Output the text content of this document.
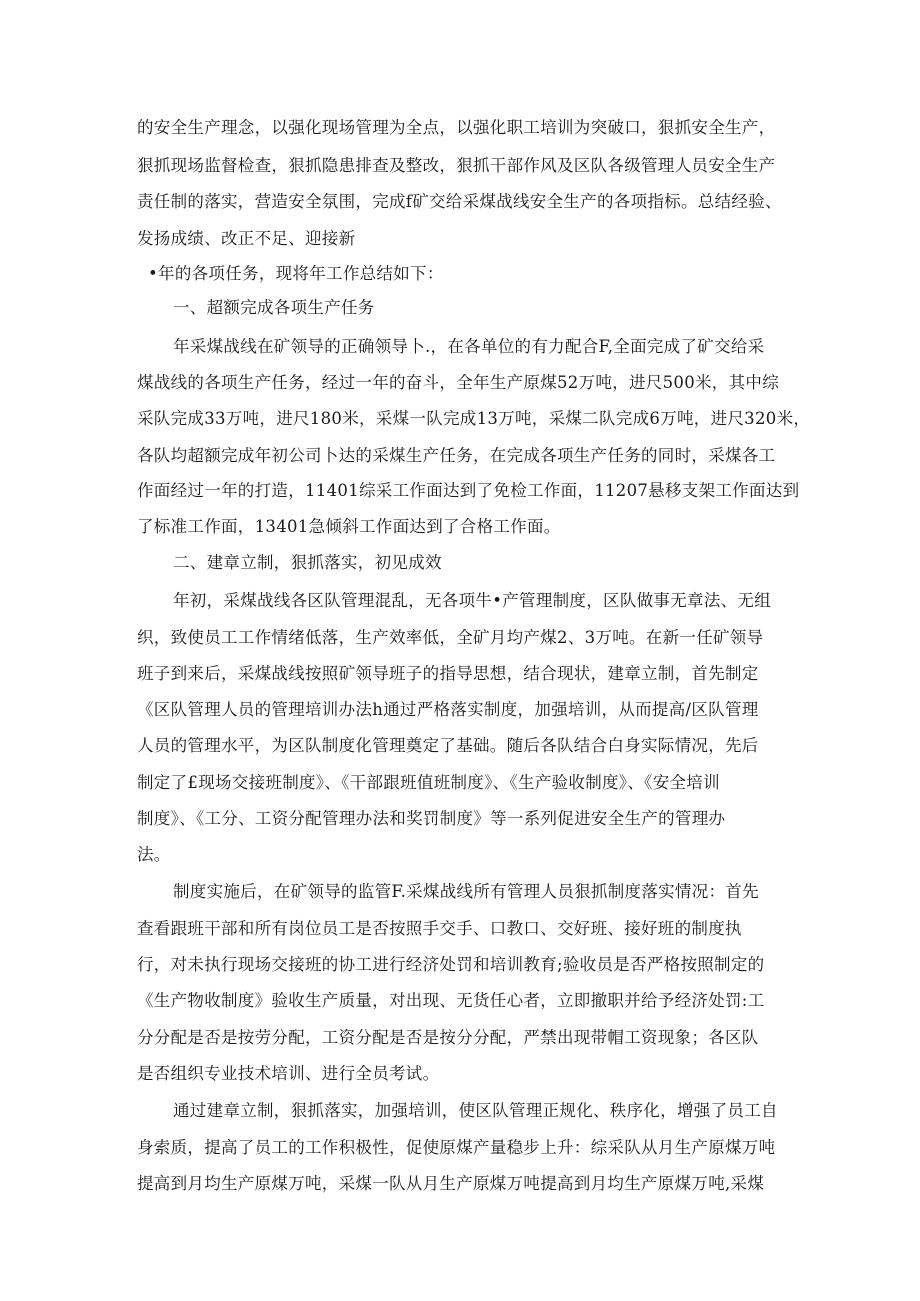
的安全生产理念，以强化现场管理为全点，以强化职工培训为突破口，狠抓安全生产，
狠抓现场监督检查，狠抓隐患排查及整改，狠抓干部作风及区队各级管理人员安全生产
责任制的落实，营造安全氛围，完成f矿交给采煤战线安全生产的各项指标。总结经验、
发扬成绩、改正不足、迎接新
•年的各项任务，现将年工作总结如下：
一、超额完成各项生产任务
年采煤战线在矿领导的正确领导卜.，在各单位的有力配合F,全面完成了矿交给采
煤战线的各项生产任务，经过一年的奋斗，全年生产原煤52万吨，进尺500米，其中综
采队完成33万吨，进尺180米，采煤一队完成13万吨，采煤二队完成6万吨，进尺320米，
各队均超额完成年初公司卜达的采煤生产任务，在完成各项生产任务的同时，采煤各工
作面经过一年的打造，11401综采工作面达到了免检工作面，11207悬移支架工作面达到
了标准工作面，13401急倾斜工作面达到了合格工作面。
二、建章立制，狠抓落实，初见成效
年初，采煤战线各区队管理混乱，无各项牛•产管理制度，区队做事无章法、无组
织，致使员工工作情绪低落，生产效率低，全矿月均产煤2、3万吨。在新一任矿领导
班子到来后，采煤战线按照矿领导班子的指导思想，结合现状，建章立制，首先制定
《区队管理人员的管理培训办法h通过严格落实制度，加强培训，从而提高/区队管理
人员的管理水平，为区队制度化管理奠定了基础。随后各队结合白身实际情况，先后
制定了£现场交接班制度》、《干部跟班值班制度》、《生产验收制度》、《安全培训
制度》、《工分、工资分配管理办法和奖罚制度》等一系列促进安全生产的管理办
法。
制度实施后，在矿领导的监管F.采煤战线所有管理人员狠抓制度落实情况：首先
查看跟班干部和所有岗位员工是否按照手交手、口教口、交好班、接好班的制度执
行，对未执行现场交接班的协工进行经济处罚和培训教育;验收员是否严格按照制定的
《生产物收制度》验收生产质量，对出现、无货任心者，立即撤职并给予经济处罚:工
分分配是否是按劳分配，工资分配是否是按分分配，严禁出现带帽工资现象；各区队
是否组织专业技术培训、进行全员考试。
通过建章立制，狠抓落实，加强培训，使区队管理正规化、秩序化，增强了员工自
身索质，提高了员工的工作积极性，促使原煤产量稳步上升：综采队从月生产原煤万吨
提高到月均生产原煤万吨，采煤一队从月生产原煤万吨提高到月均生产原煤万吨,采煤
